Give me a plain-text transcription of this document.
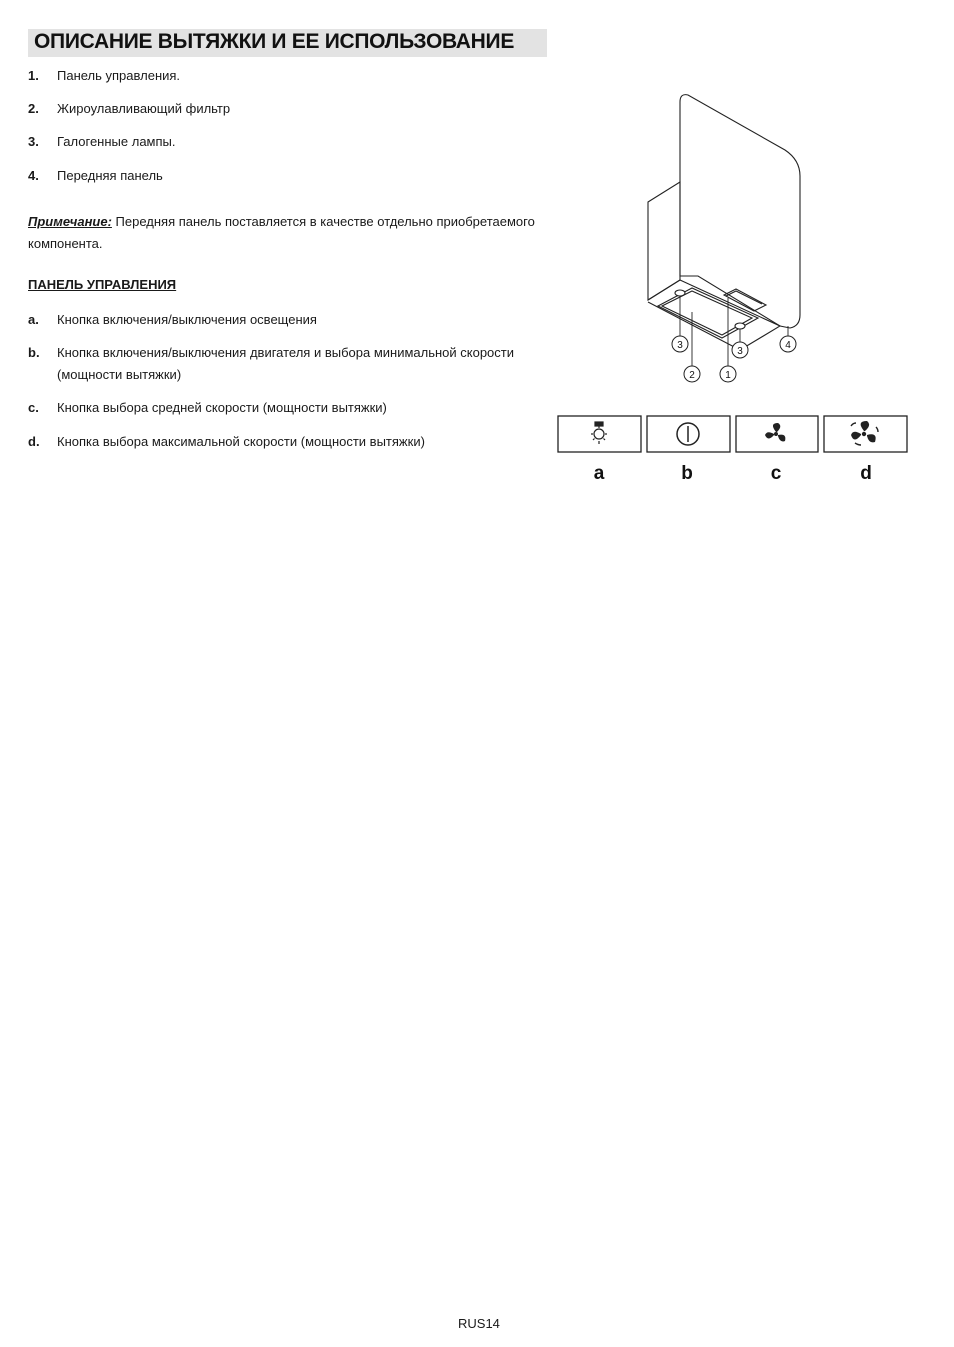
ОПИСАНИЕ ВЫТЯЖКИ И ЕЕ ИСПОЛЬЗОВАНИЕ
1. Панель управления.
2. Жироулавливающий фильтр
3. Галогенные лампы.
4. Передняя панель
Примечание: Передняя панель поставляется в качестве отдельно приобретаемого компонента.
ПАНЕЛЬ УПРАВЛЕНИЯ
a. Кнопка включения/выключения освещения
b. Кнопка включения/выключения двигателя и выбора минимальной скорости (мощности вытяжки)
c. Кнопка выбора средней скорости (мощности вытяжки)
d. Кнопка выбора максимальной скорости (мощности вытяжки)
3
2	1
3
4
a	b	c	d
RUS14
